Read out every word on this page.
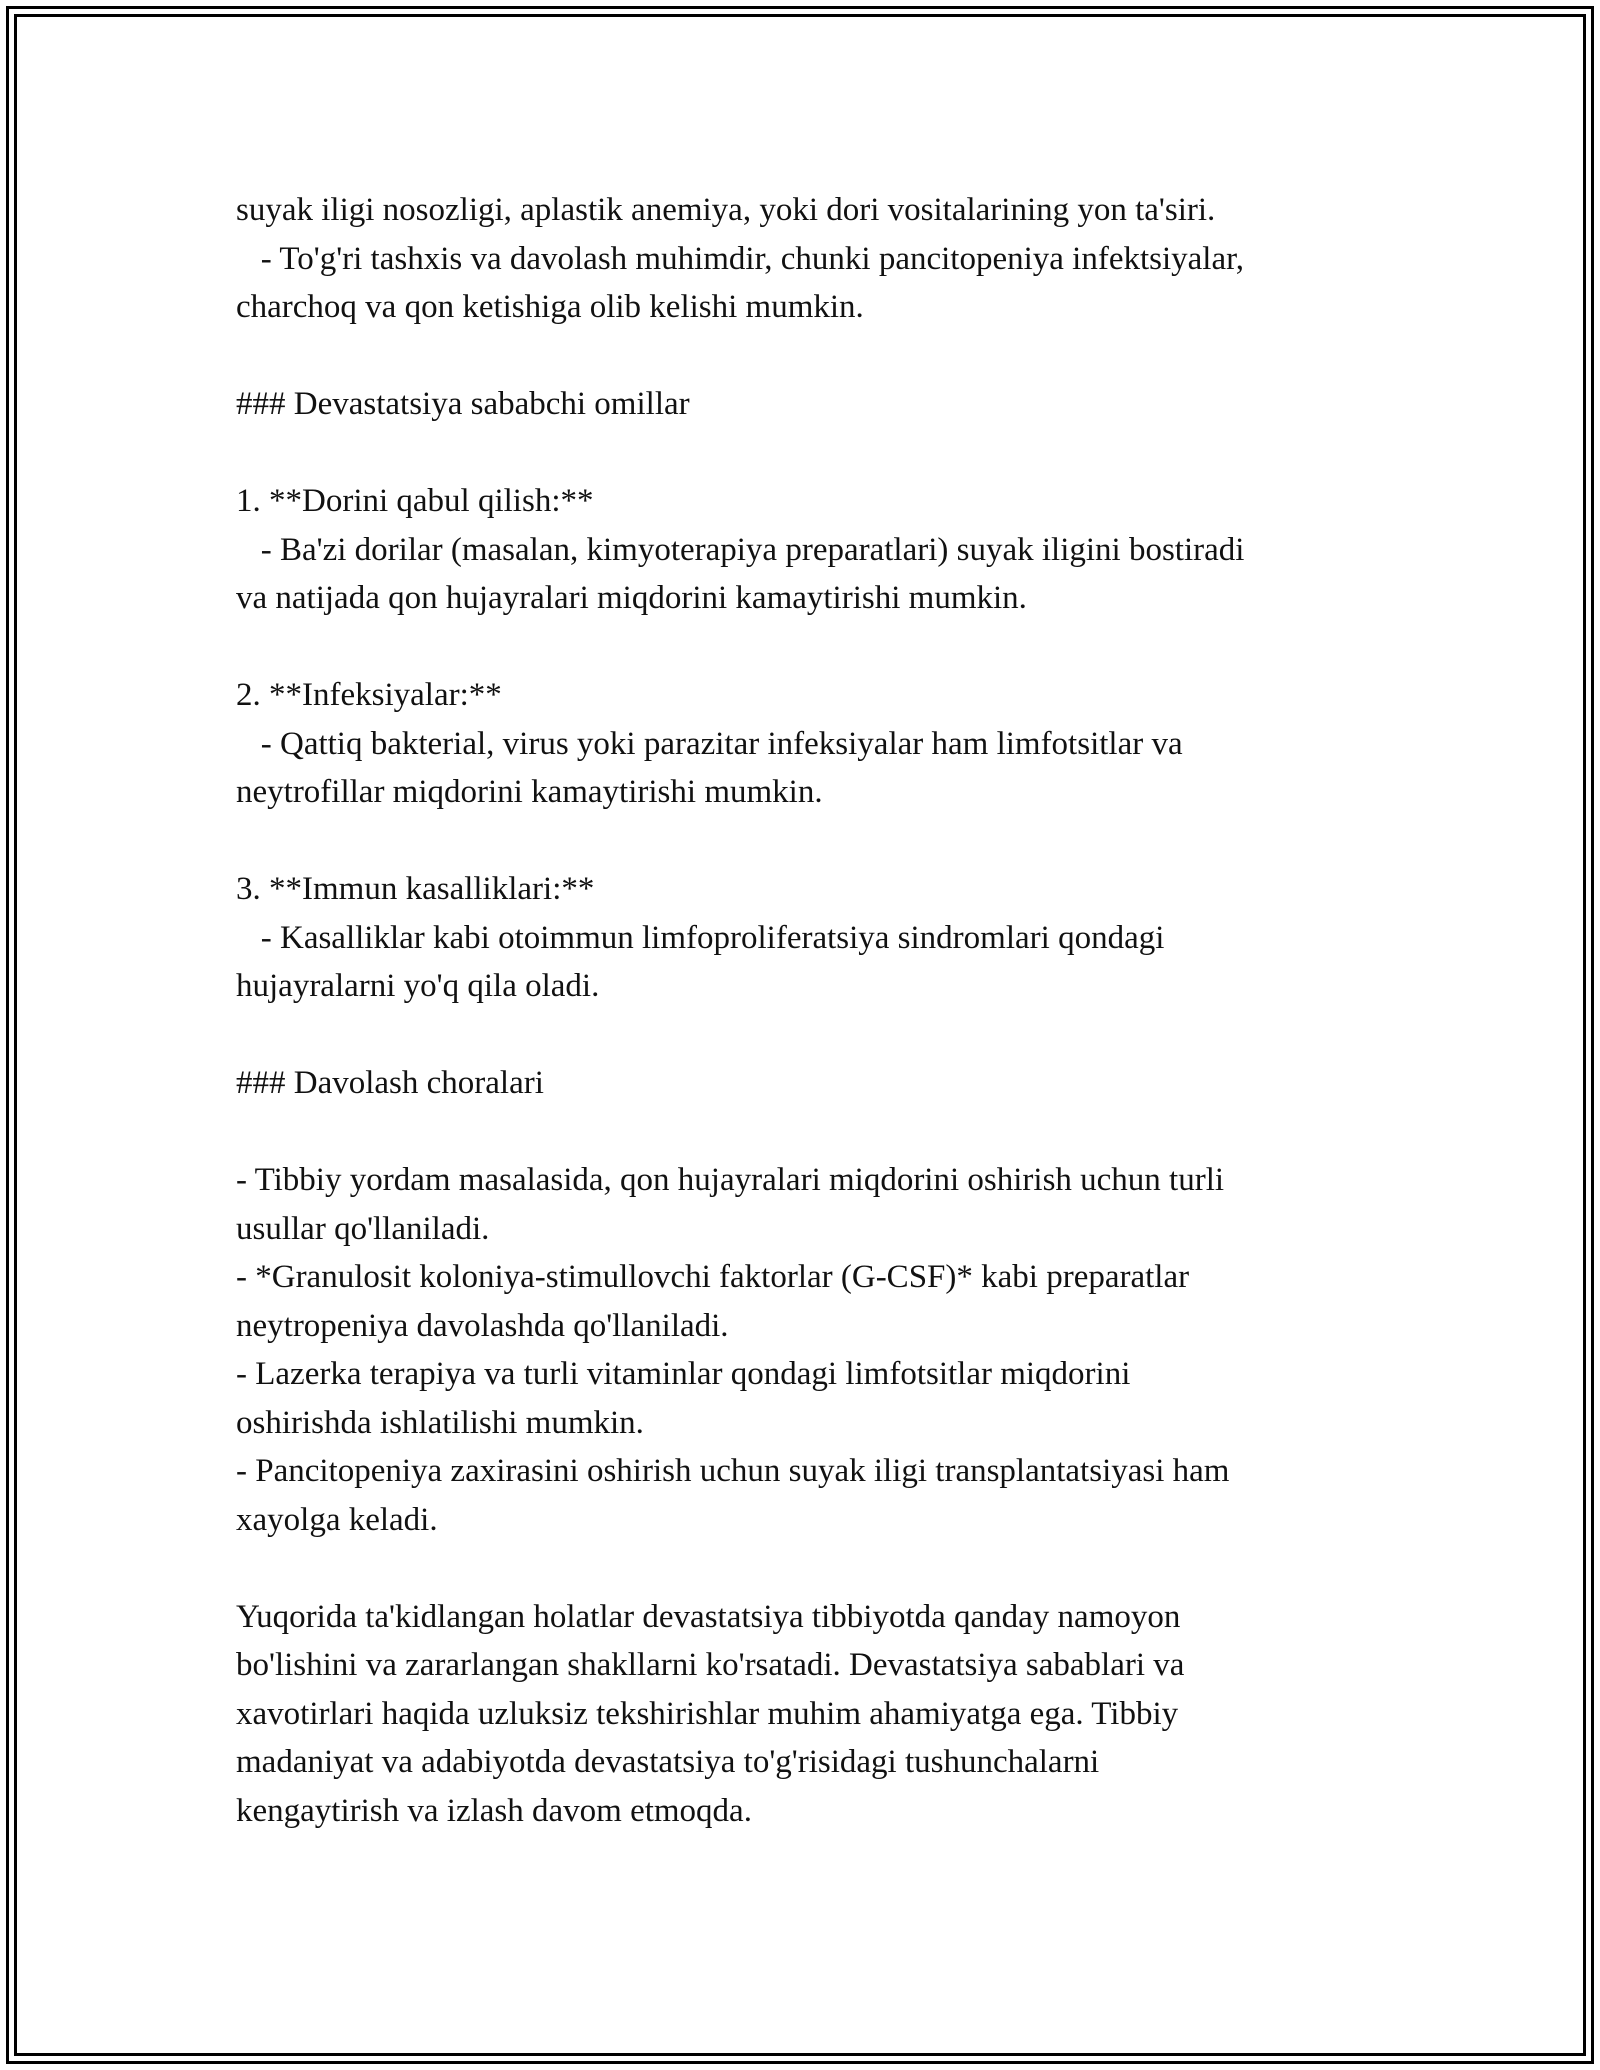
suyak iligi nosozligi, aplastik anemiya, yoki dori vositalarining yon ta'siri.
- To'g'ri tashxis va davolash muhimdir, chunki pancitopeniya infektsiyalar,
charchoq va qon ketishiga olib kelishi mumkin.
### Devastatsiya sababchi omillar
1. **Dorini qabul qilish:**
- Ba'zi dorilar (masalan, kimyoterapiya preparatlari) suyak iligini bostiradi
va natijada qon hujayralari miqdorini kamaytirishi mumkin.
2. **Infeksiyalar:**
- Qattiq bakterial, virus yoki parazitar infeksiyalar ham limfotsitlar va
neytrofillar miqdorini kamaytirishi mumkin.
3. **Immun kasalliklari:**
- Kasalliklar kabi otoimmun limfoproliferatsiya sindromlari qondagi
hujayralarni yo'q qila oladi.
### Davolash choralari
- Tibbiy yordam masalasida, qon hujayralari miqdorini oshirish uchun turli
usullar qo'llaniladi.
- *Granulosit koloniya-stimullovchi faktorlar (G-CSF)* kabi preparatlar
neytropeniya davolashda qo'llaniladi.
- Lazerka terapiya va turli vitaminlar qondagi limfotsitlar miqdorini
oshirishda ishlatilishi mumkin.
- Pancitopeniya zaxirasini oshirish uchun suyak iligi transplantatsiyasi ham
xayolga keladi.
Yuqorida ta'kidlangan holatlar devastatsiya tibbiyotda qanday namoyon
bo'lishini va zararlangan shakllarni ko'rsatadi. Devastatsiya sabablari va
xavotirlari haqida uzluksiz tekshirishlar muhim ahamiyatga ega. Tibbiy
madaniyat va adabiyotda devastatsiya to'g'risidagi tushunchalarni
kengaytirish va izlash davom etmoqda.
